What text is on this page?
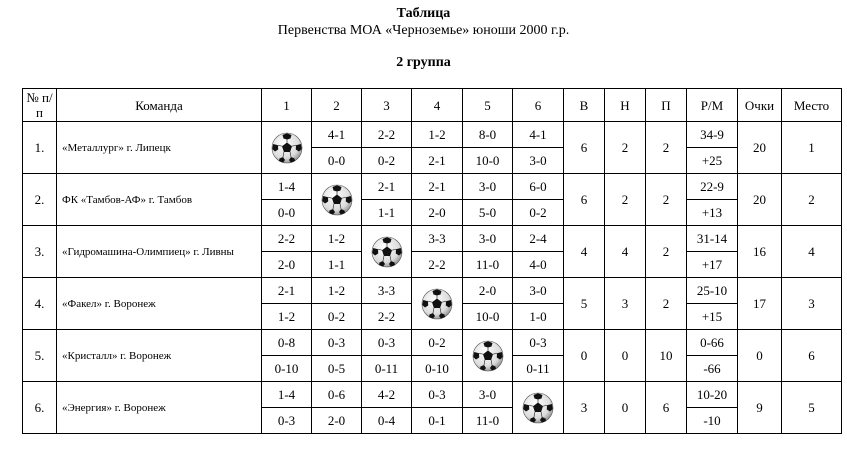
Таблица
Первенства МОА «Черноземье» юноши 2000 г.р.
2 группа
№ п/п	Команда	1	2	3	4	5	6	В	Н	П	Р/М	Очки	Место
1.	«Металлург» г. Липецк		4-1	2-2	1-2	8-0	4-1	6	2	2	34-9	20	1
			0-0	0-2	2-1	10-0	3-0				+25		
2.	ФК «Тамбов-АФ» г. Тамбов	1-4		2-1	2-1	3-0	6-0	6	2	2	22-9	20	2
		0-0		1-1	2-0	5-0	0-2				+13		
3.	«Гидромашина-Олимпиец» г. Ливны	2-2	1-2		3-3	3-0	2-4	4	4	2	31-14	16	4
		2-0	1-1		2-2	11-0	4-0				+17		
4.	«Факел» г. Воронеж	2-1	1-2	3-3		2-0	3-0	5	3	2	25-10	17	3
		1-2	0-2	2-2		10-0	1-0				+15		
5.	«Кристалл» г. Воронеж	0-8	0-3	0-3	0-2		0-3	0	0	10	0-66	0	6
		0-10	0-5	0-11	0-10		0-11				-66		
6.	«Энергия» г. Воронеж	1-4	0-6	4-2	0-3	3-0		3	0	6	10-20	9	5
		0-3	2-0	0-4	0-1	11-0					-10		
